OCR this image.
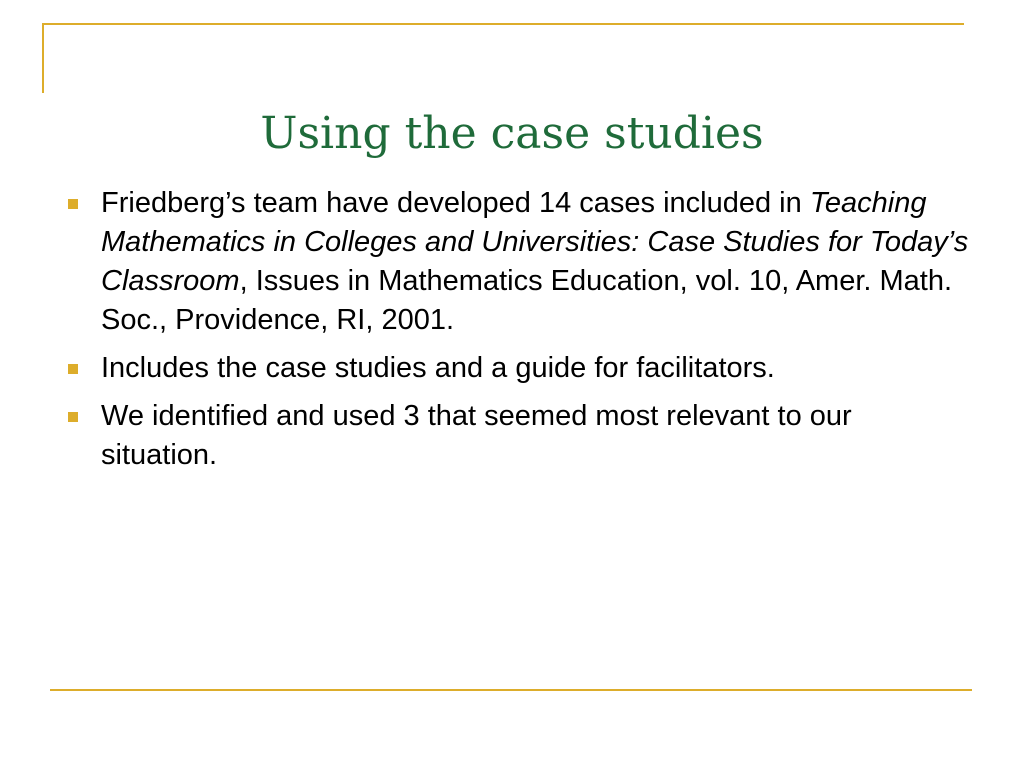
Using the case studies
Friedberg’s team have developed 14 cases included in Teaching Mathematics in Colleges and Universities: Case Studies for Today’s Classroom, Issues in Mathematics Education, vol. 10, Amer. Math. Soc., Providence, RI, 2001.
Includes the case studies and a guide for facilitators.
We identified and used 3 that seemed most relevant to our situation.
